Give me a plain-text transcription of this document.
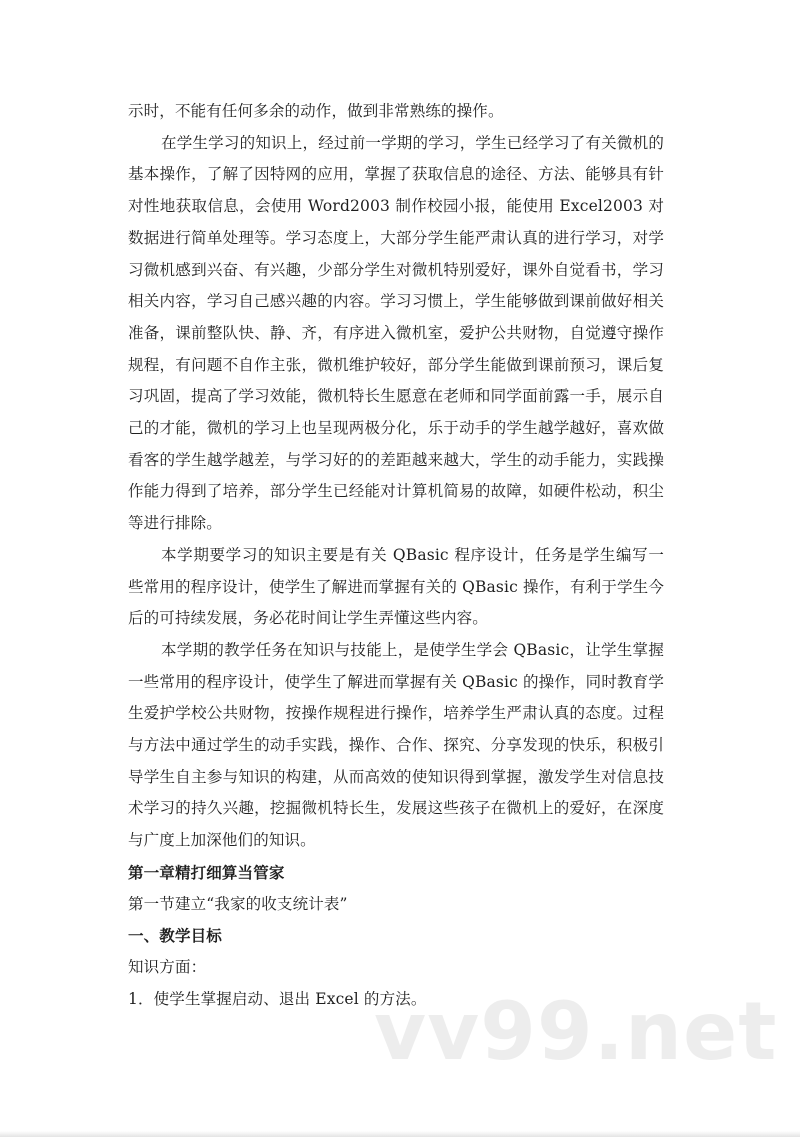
示时，不能有任何多余的动作，做到非常熟练的操作。

在学生学习的知识上，经过前一学期的学习，学生已经学习了有关微机的基本操作，了解了因特网的应用，掌握了获取信息的途径、方法、能够具有针对性地获取信息，会使用 Word2003 制作校园小报，能使用 Excel2003 对数据进行简单处理等。学习态度上，大部分学生能严肃认真的进行学习，对学习微机感到兴奋、有兴趣，少部分学生对微机特别爱好，课外自觉看书，学习相关内容，学习自己感兴趣的内容。学习习惯上，学生能够做到课前做好相关准备，课前整队快、静、齐，有序进入微机室，爱护公共财物，自觉遵守操作规程，有问题不自作主张，微机维护较好，部分学生能做到课前预习，课后复习巩固，提高了学习效能，微机特长生愿意在老师和同学面前露一手，展示自己的才能，微机的学习上也呈现两极分化，乐于动手的学生越学越好，喜欢做看客的学生越学越差，与学习好的的差距越来越大，学生的动手能力，实践操作能力得到了培养，部分学生已经能对计算机简易的故障，如硬件松动，积尘等进行排除。

本学期要学习的知识主要是有关 QBasic 程序设计，任务是学生编写一些常用的程序设计，使学生了解进而掌握有关的 QBasic 操作，有利于学生今后的可持续发展，务必花时间让学生弄懂这些内容。

本学期的教学任务在知识与技能上，是使学生学会 QBasic，让学生掌握一些常用的程序设计，使学生了解进而掌握有关 QBasic 的操作，同时教育学生爱护学校公共财物，按操作规程进行操作，培养学生严肃认真的态度。过程与方法中通过学生的动手实践，操作、合作、探究、分享发现的快乐，积极引导学生自主参与知识的构建，从而高效的使知识得到掌握，激发学生对信息技术学习的持久兴趣，挖掘微机特长生，发展这些孩子在微机上的爱好，在深度与广度上加深他们的知识。

第一章精打细算当管家

第一节建立“我家的收支统计表”

一、教学目标

知识方面：

1．使学生掌握启动、退出 Excel 的方法。

vv99.net
